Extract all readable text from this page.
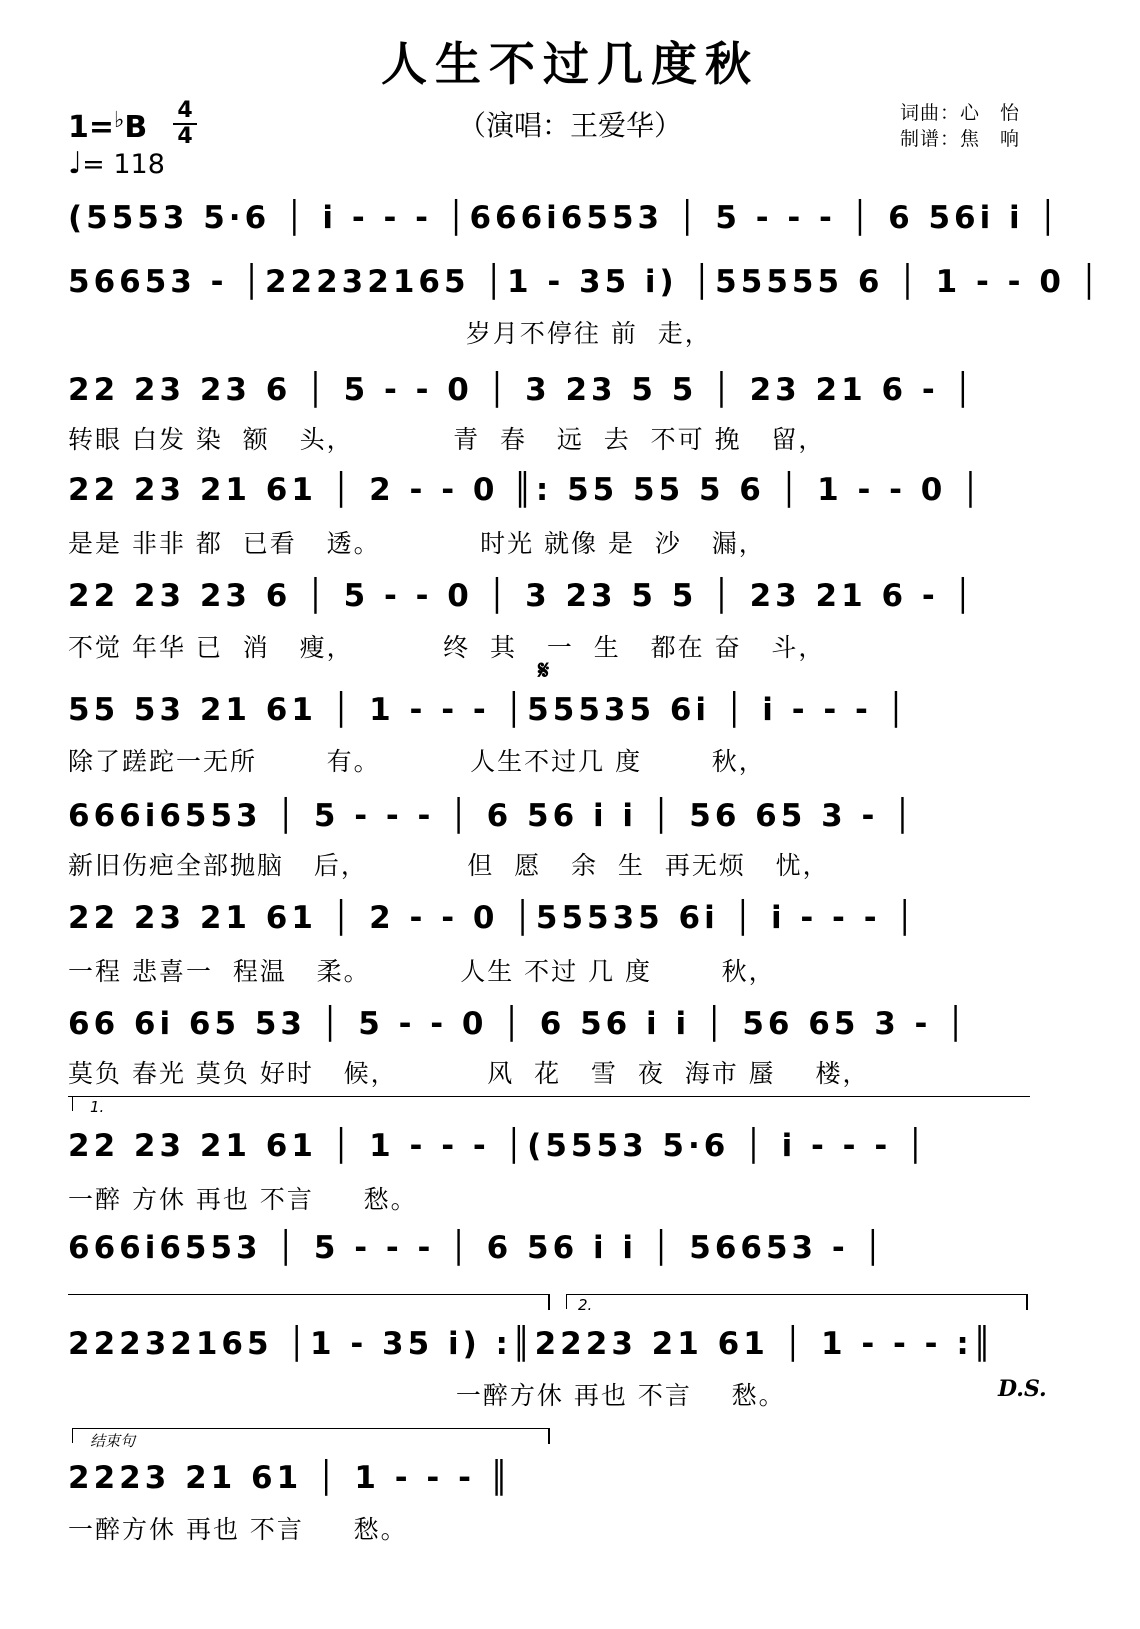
人生不过几度秋
（演唱：王爱华）	词曲：心　怡
制谱：焦　响
1=♭B 4
4
♩= 118
(5553 5·6 │ i - - - │666i6553 │ 5 - - - │ 6 56i i │
56653 - │22232165 │1 - 35 i) │55555 6 │ 1 - - 0 │
岁月不停往 前  走，
22 23 23 6 │ 5 - - 0 │ 3 23 5 5 │ 23 21 6 - │
转眼 白发 染  额   头，          青  春   远  去  不可 挽   留，
22 23 21 61 │ 2 - - 0 ║: 55 55 5 6 │ 1 - - 0 │
是是 非非 都  已看   透。          时光 就像 是  沙   漏，
22 23 23 6 │ 5 - - 0 │ 3 23 5 5 │ 23 21 6 - │
不觉 年华 已  消   瘦，         终  其   一  生   都在 奋   斗，
𝄋
55 53 21 61 │ 1 - - - │55535 6i │ i - - - │
除了蹉跎一无所       有。         人生不过几 度       秋，
666i6553 │ 5 - - - │ 6 56 i i │ 56 65 3 - │
新旧伤疤全部抛脑   后，          但  愿   余  生  再无烦   忧，
22 23 21 61 │ 2 - - 0 │55535 6i │ i - - - │
一程 悲喜一  程温   柔。         人生 不过 几 度       秋，
66 6i 65 53 │ 5 - - 0 │ 6 56 i i │ 56 65 3 - │
莫负 春光 莫负 好时   候，         风  花   雪  夜  海市 蜃    楼，
1.
22 23 21 61 │ 1 - - - │(5553 5·6 │ i - - - │
一醉 方休 再也 不言     愁。
666i6553 │ 5 - - - │ 6 56 i i │ 56653 - │
2.
22232165 │1 - 35 i) :║2223 21 61 │ 1 - - - :║
一醉方休 再也 不言    愁。	D.S.
结束句
2223 21 61 │ 1 - - - ║
一醉方休 再也 不言     愁。
